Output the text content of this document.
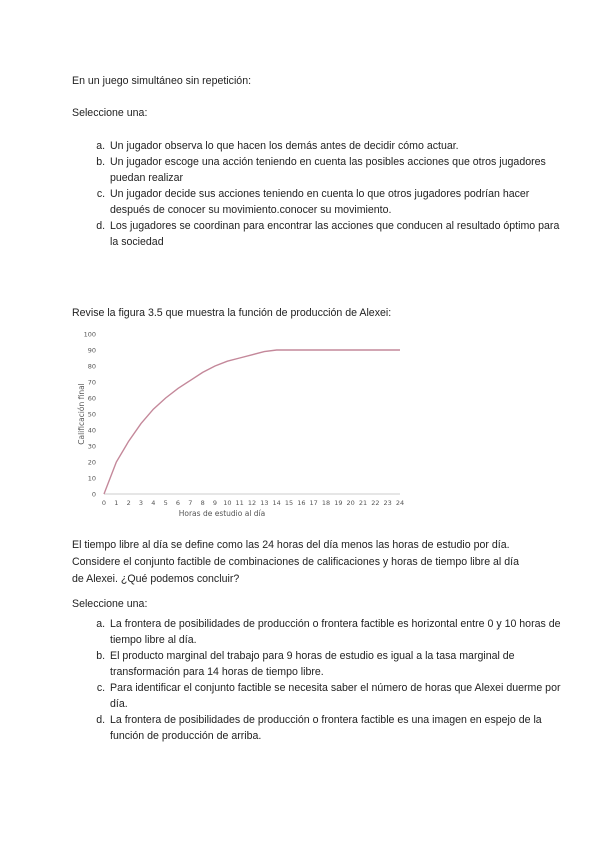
En un juego simultáneo sin repetición:

Seleccione una:

a. Un jugador observa lo que hacen los demás antes de decidir cómo actuar.
b. Un jugador escoge una acción teniendo en cuenta las posibles acciones que otros jugadores puedan realizar
c. Un jugador decide sus acciones teniendo en cuenta lo que otros jugadores podrían hacer después de conocer su movimiento.conocer su movimiento.
d. Los jugadores se coordinan para encontrar las acciones que conducen al resultado óptimo para la sociedad

Revise la figura 3.5 que muestra la función de producción de Alexei:

0
10
20
30
40
50
60
70
80
90
100
0 1 2 3 4 5 6 7 8 9 10 11 12 13 14 15 16 17 18 19 20 21 22 23 24
Calificación final
Horas de estudio al día

El tiempo libre al día se define como las 24 horas del día menos las horas de estudio por día. Considere el conjunto factible de combinaciones de calificaciones y horas de tiempo libre al día de Alexei. ¿Qué podemos concluir?

Seleccione una:

a. La frontera de posibilidades de producción o frontera factible es horizontal entre 0 y 10 horas de tiempo libre al día.
b. El producto marginal del trabajo para 9 horas de estudio es igual a la tasa marginal de transformación para 14 horas de tiempo libre.
c. Para identificar el conjunto factible se necesita saber el número de horas que Alexei duerme por día.
d. La frontera de posibilidades de producción o frontera factible es una imagen en espejo de la función de producción de arriba.
